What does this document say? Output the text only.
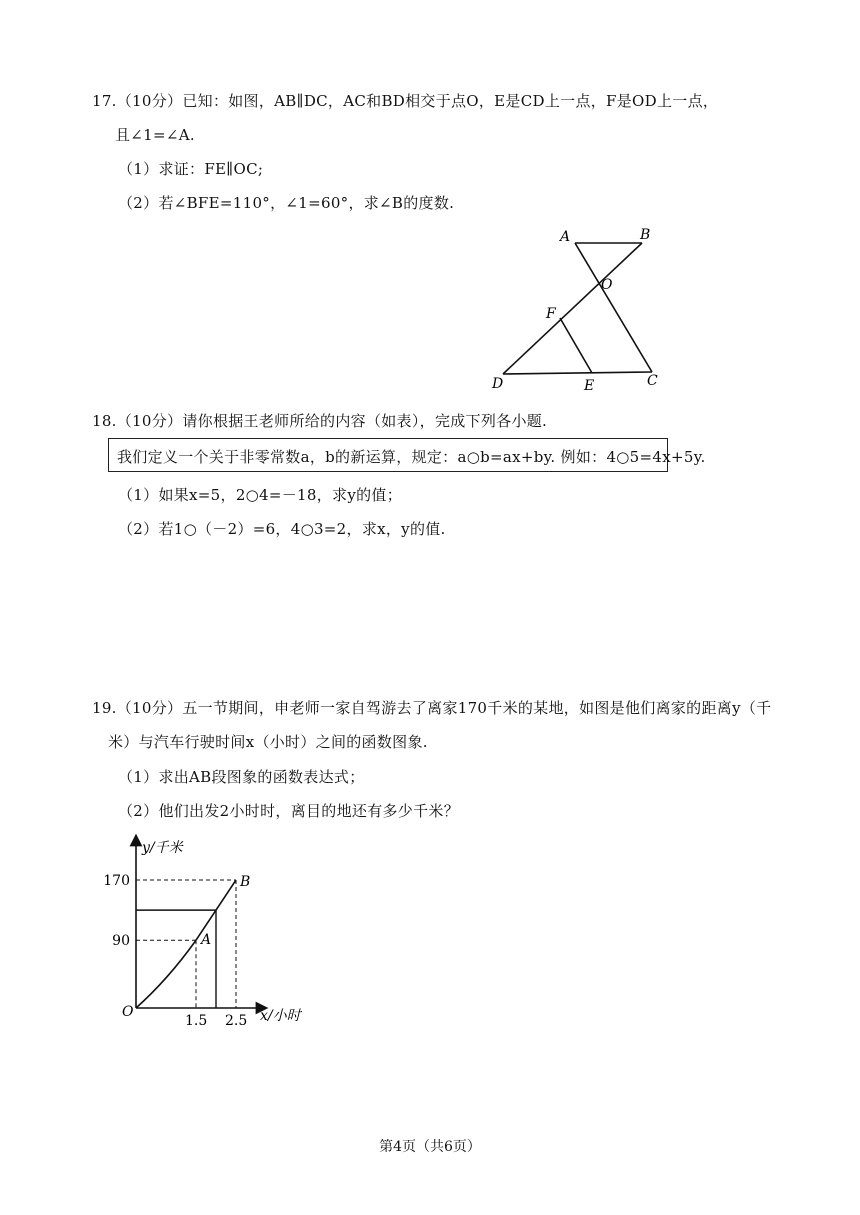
17.（10分）已知：如图，AB∥DC，AC和BD相交于点O，E是CD上一点，F是OD上一点，
且∠1=∠A.
（1）求证：FE∥OC;
（2）若∠BFE=110°，∠1=60°，求∠B的度数.
A	B
O
F
D	E	C
18.（10分）请你根据王老师所给的内容（如表），完成下列各小题.
我们定义一个关于非零常数a，b的新运算，规定：a○b=ax+by. 例如：4○5=4x+5y.
（1）如果x=5，2○4=－18，求y的值；
（2）若1○（－2）=6，4○3=2，求x，y的值.
19.（10分）五一节期间，申老师一家自驾游去了离家170千米的某地，如图是他们离家的距离y（千
米）与汽车行驶时间x（小时）之间的函数图象.
（1）求出AB段图象的函数表达式；
（2）他们出发2小时时，离目的地还有多少千米？
y/千米
x/小时
O
A
B
1.5 2.5
90
170
第4页（共6页）
